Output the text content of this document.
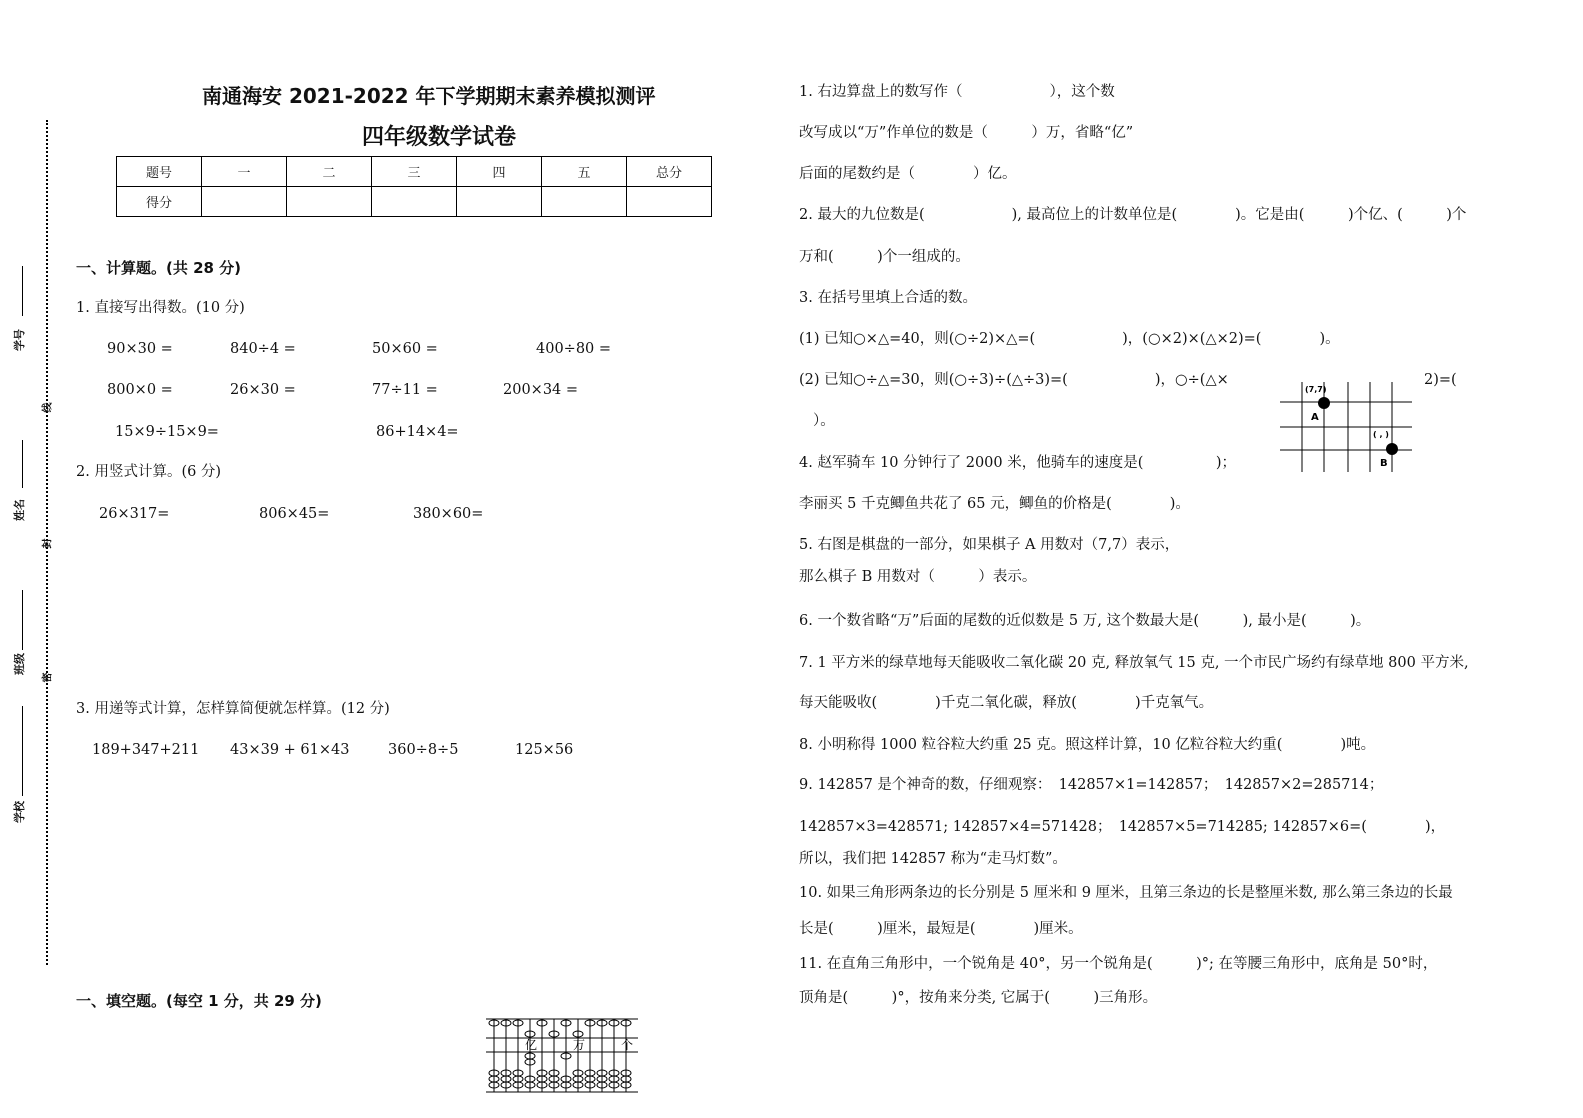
学号
姓名
班级
学校
线
封
密
南通海安 2021-2022 年下学期期末素养模拟测评
四年级数学试卷
题号	一	二	三	四	五	总分
得分						
一、计算题。(共 28 分)
1. 直接写出得数。(10 分)
90×30 =	840÷4 =	50×60 =	400÷80 =
800×0 =	26×30 =	77÷11 =	200×34 =
15×9÷15×9=	86+14×4=
2. 用竖式计算。(6 分)
26×317=	806×45=	380×60=
3. 用递等式计算，怎样算简便就怎样算。(12 分)
189+347+211 43×39 + 61×43	360÷8÷5	125×56
一、填空题。(每空 1 分，共 29 分)
亿	万	个
1. 右边算盘上的数写作（　　　　　　），这个数
改写成以“万”作单位的数是（　　　）万，省略“亿”
后面的尾数约是（　　　　）亿。
2. 最大的九位数是(　　　　　　), 最高位上的计数单位是(　　　　)。它是由(　　　)个亿、(　　　)个
万和(　　　)个一组成的。
3. 在括号里填上合适的数。
(1) 已知○×△=40，则(○÷2)×△=(　　　　　　)，(○×2)×(△×2)=(　　　　)。
(2) 已知○÷△=30，则(○÷3)÷(△÷3)=(　　　　　　)，○÷(△×	2)=(
）。
4. 赵军骑车 10 分钟行了 2000 米，他骑车的速度是(　　　　　)；
李丽买 5 千克鲫鱼共花了 65 元，鲫鱼的价格是(　　　　)。
5. 右图是棋盘的一部分，如果棋子 A 用数对（7,7）表示，
那么棋子 B 用数对（　　　）表示。
6. 一个数省略“万”后面的尾数的近似数是 5 万, 这个数最大是(　　　), 最小是(　　　)。
7. 1 平方米的绿草地每天能吸收二氧化碳 20 克, 释放氧气 15 克, 一个市民广场约有绿草地 800 平方米,
每天能吸收(　　　　)千克二氧化碳，释放(　　　　)千克氧气。
8. 小明称得 1000 粒谷粒大约重 25 克。照这样计算，10 亿粒谷粒大约重(　　　　)吨。
9. 142857 是个神奇的数，仔细观察：　142857×1=142857；　142857×2=285714；
142857×3=428571; 142857×4=571428；　142857×5=714285; 142857×6=(　　　　)，
所以，我们把 142857 称为“走马灯数”。
10. 如果三角形两条边的长分别是 5 厘米和 9 厘米，且第三条边的长是整厘米数, 那么第三条边的长最
长是(　　　)厘米，最短是(　　　　)厘米。
11. 在直角三角形中，一个锐角是 40°，另一个锐角是(　　　)°; 在等腰三角形中，底角是 50°时，
顶角是(　　　)°，按角来分类, 它属于(　　　)三角形。
(7,7)
A
( , )
B
